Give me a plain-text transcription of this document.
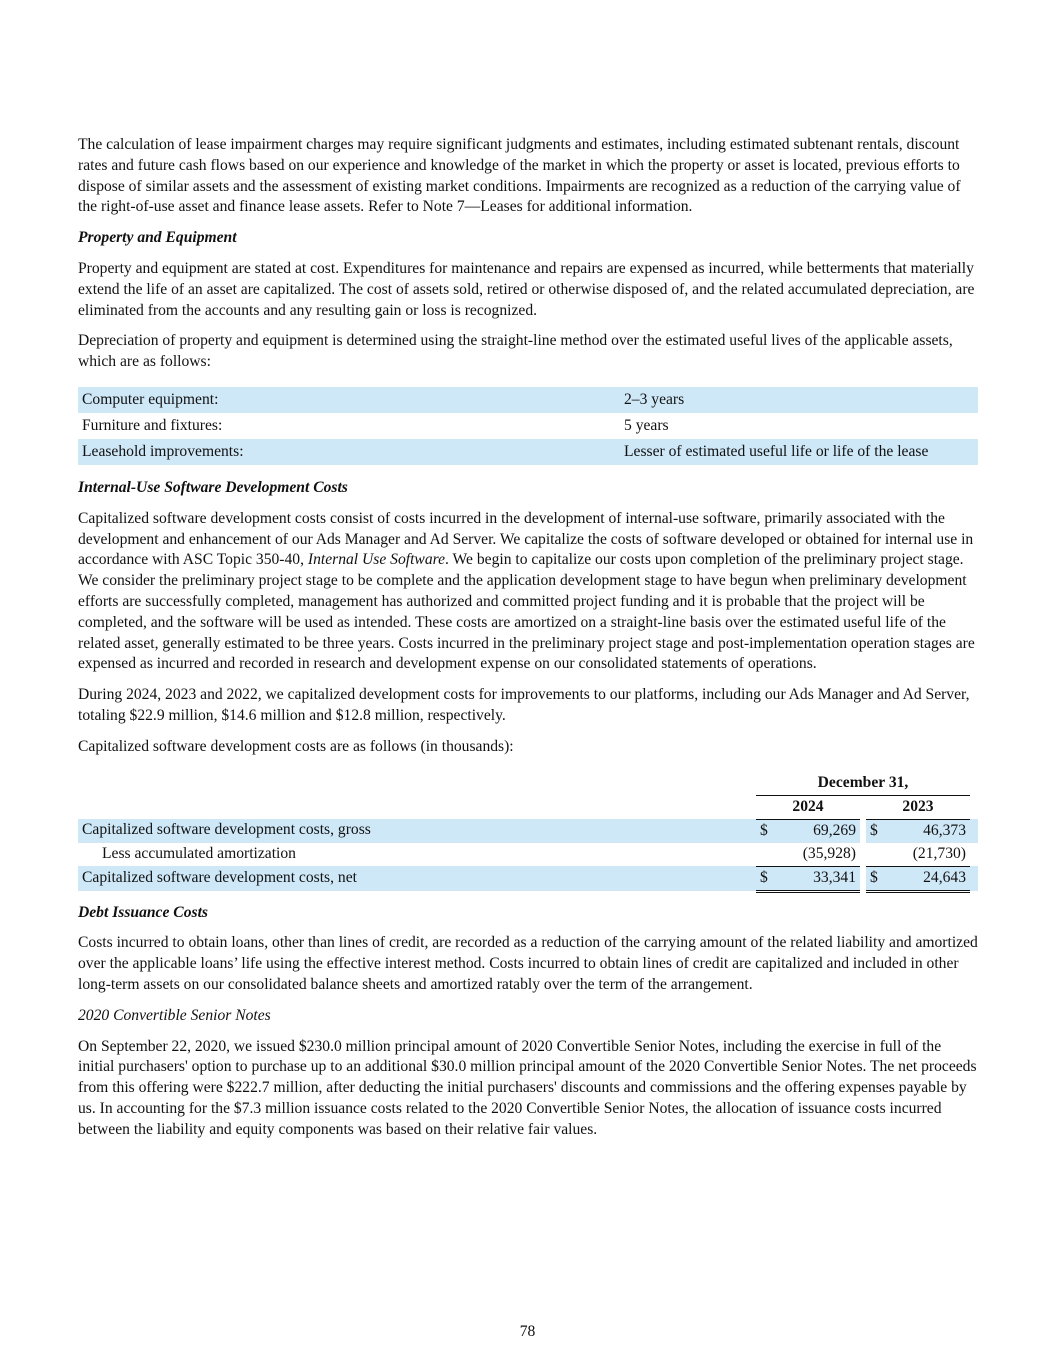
The calculation of lease impairment charges may require significant judgments and estimates, including estimated subtenant rentals, discount rates and future cash flows based on our experience and knowledge of the market in which the property or asset is located, previous efforts to dispose of similar assets and the assessment of existing market conditions. Impairments are recognized as a reduction of the carrying value of the right-of-use asset and finance lease assets. Refer to Note 7—Leases for additional information.

Property and Equipment

Property and equipment are stated at cost. Expenditures for maintenance and repairs are expensed as incurred, while betterments that materially extend the life of an asset are capitalized. The cost of assets sold, retired or otherwise disposed of, and the related accumulated depreciation, are eliminated from the accounts and any resulting gain or loss is recognized.

Depreciation of property and equipment is determined using the straight-line method over the estimated useful lives of the applicable assets, which are as follows:

Computer equipment:	2–3 years
Furniture and fixtures:	5 years
Leasehold improvements:	Lesser of estimated useful life or life of the lease
Internal-Use Software Development Costs

Capitalized software development costs consist of costs incurred in the development of internal-use software, primarily associated with the development and enhancement of our Ads Manager and Ad Server. We capitalize the costs of software developed or obtained for internal use in accordance with ASC Topic 350-40, Internal Use Software. We begin to capitalize our costs upon completion of the preliminary project stage. We consider the preliminary project stage to be complete and the application development stage to have begun when preliminary development efforts are successfully completed, management has authorized and committed project funding and it is probable that the project will be completed, and the software will be used as intended. These costs are amortized on a straight-line basis over the estimated useful life of the related asset, generally estimated to be three years. Costs incurred in the preliminary project stage and post-implementation operation stages are expensed as incurred and recorded in research and development expense on our consolidated statements of operations.

During 2024, 2023 and 2022, we capitalized development costs for improvements to our platforms, including our Ads Manager and Ad Server, totaling $22.9 million, $14.6 million and $12.8 million, respectively.

Capitalized software development costs are as follows (in thousands):

	December 31,					
	2024			2023		
Capitalized software development costs, gross	$	69,269		$	46,373	
Less accumulated amortization		(35,928)			(21,730)	
Capitalized software development costs, net	$	33,341		$	24,643	
Debt Issuance Costs

Costs incurred to obtain loans, other than lines of credit, are recorded as a reduction of the carrying amount of the related liability and amortized over the applicable loans’ life using the effective interest method. Costs incurred to obtain lines of credit are capitalized and included in other long-term assets on our consolidated balance sheets and amortized ratably over the term of the arrangement.

2020 Convertible Senior Notes

On September 22, 2020, we issued $230.0 million principal amount of 2020 Convertible Senior Notes, including the exercise in full of the initial purchasers' option to purchase up to an additional $30.0 million principal amount of the 2020 Convertible Senior Notes. The net proceeds from this offering were $222.7 million, after deducting the initial purchasers' discounts and commissions and the offering expenses payable by us. In accounting for the $7.3 million issuance costs related to the 2020 Convertible Senior Notes, the allocation of issuance costs incurred between the liability and equity components was based on their relative fair values.

78
